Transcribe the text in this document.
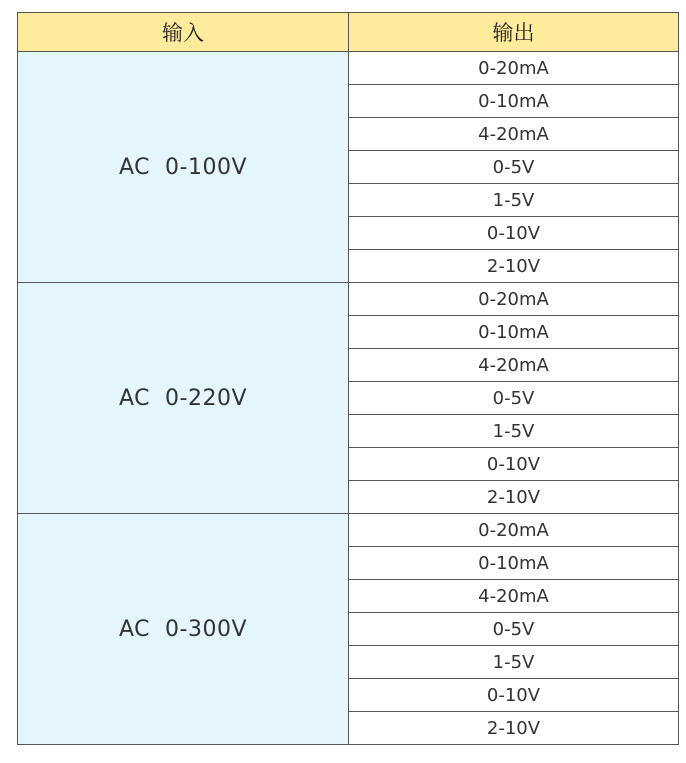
输入	输出
AC  0-100V	0-20mA
	0-10mA
	4-20mA
	0-5V
	1-5V
	0-10V
	2-10V
AC  0-220V	0-20mA
	0-10mA
	4-20mA
	0-5V
	1-5V
	0-10V
	2-10V
AC  0-300V	0-20mA
	0-10mA
	4-20mA
	0-5V
	1-5V
	0-10V
	2-10V
